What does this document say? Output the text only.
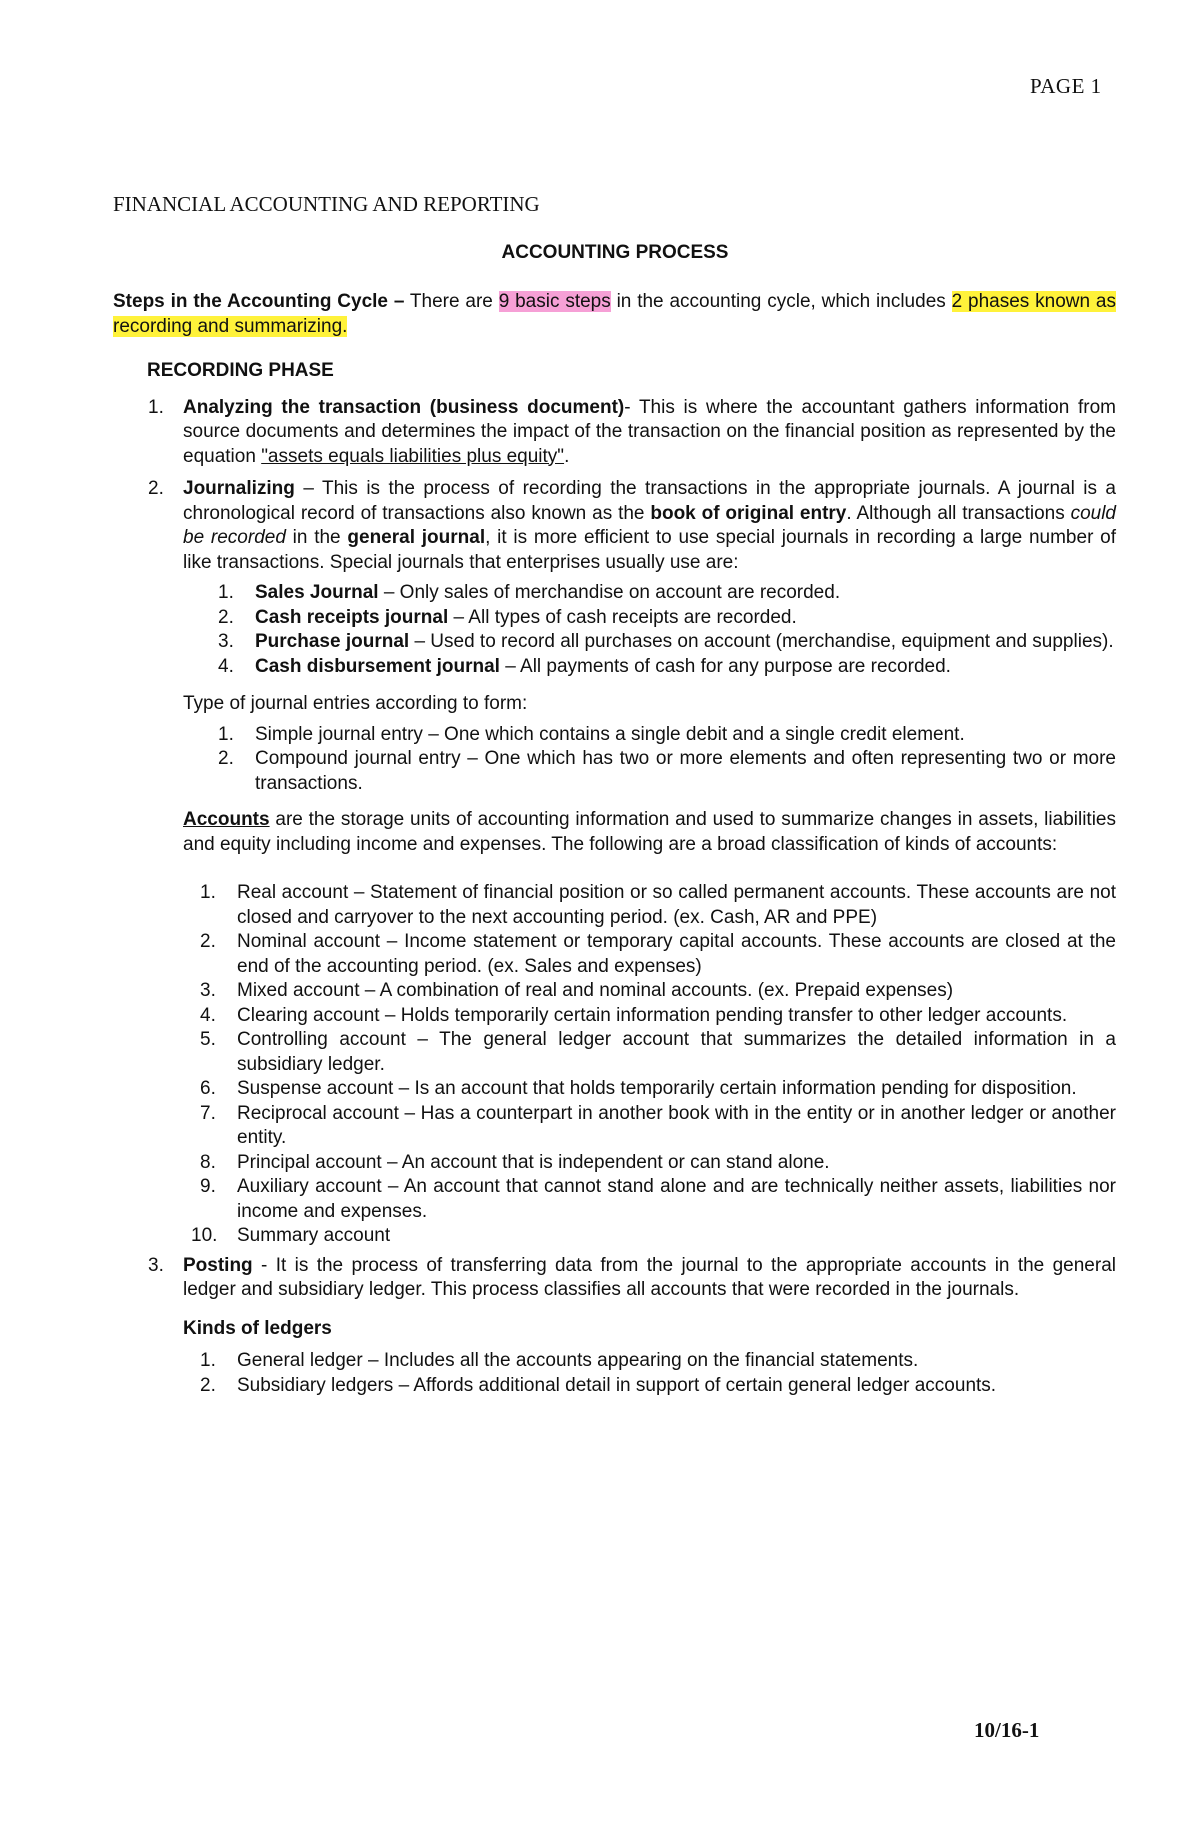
PAGE 1
FINANCIAL ACCOUNTING AND REPORTING
ACCOUNTING PROCESS

Steps in the Accounting Cycle – There are 9 basic steps in the accounting cycle, which includes 2 phases known as recording and summarizing.

RECORDING PHASE

1. Analyzing the transaction (business document)- This is where the accountant gathers information from source documents and determines the impact of the transaction on the financial position as represented by the equation "assets equals liabilities plus equity".
2. Journalizing – This is the process of recording the transactions in the appropriate journals. A journal is a chronological record of transactions also known as the book of original entry. Although all transactions could be recorded in the general journal, it is more efficient to use special journals in recording a large number of like transactions. Special journals that enterprises usually use are:
1. Sales Journal – Only sales of merchandise on account are recorded.
2. Cash receipts journal – All types of cash receipts are recorded.
3. Purchase journal – Used to record all purchases on account (merchandise, equipment and supplies).
4. Cash disbursement journal – All payments of cash for any purpose are recorded.

Type of journal entries according to form:

1. Simple journal entry – One which contains a single debit and a single credit element.
2. Compound journal entry – One which has two or more elements and often representing two or more transactions.

Accounts are the storage units of accounting information and used to summarize changes in assets, liabilities and equity including income and expenses. The following are a broad classification of kinds of accounts:

1. Real account – Statement of financial position or so called permanent accounts. These accounts are not closed and carryover to the next accounting period. (ex. Cash, AR and PPE)
2. Nominal account – Income statement or temporary capital accounts. These accounts are closed at the end of the accounting period. (ex. Sales and expenses)
3. Mixed account – A combination of real and nominal accounts. (ex. Prepaid expenses)
4. Clearing account – Holds temporarily certain information pending transfer to other ledger accounts.
5. Controlling account – The general ledger account that summarizes the detailed information in a subsidiary ledger.
6. Suspense account – Is an account that holds temporarily certain information pending for disposition.
7. Reciprocal account – Has a counterpart in another book with in the entity or in another ledger or another entity.
8. Principal account – An account that is independent or can stand alone.
9. Auxiliary account – An account that cannot stand alone and are technically neither assets, liabilities nor income and expenses.
10. Summary account
3. Posting - It is the process of transferring data from the journal to the appropriate accounts in the general ledger and subsidiary ledger. This process classifies all accounts that were recorded in the journals.

Kinds of ledgers

1. General ledger – Includes all the accounts appearing on the financial statements.
2. Subsidiary ledgers – Affords additional detail in support of certain general ledger accounts.
10/16-1
